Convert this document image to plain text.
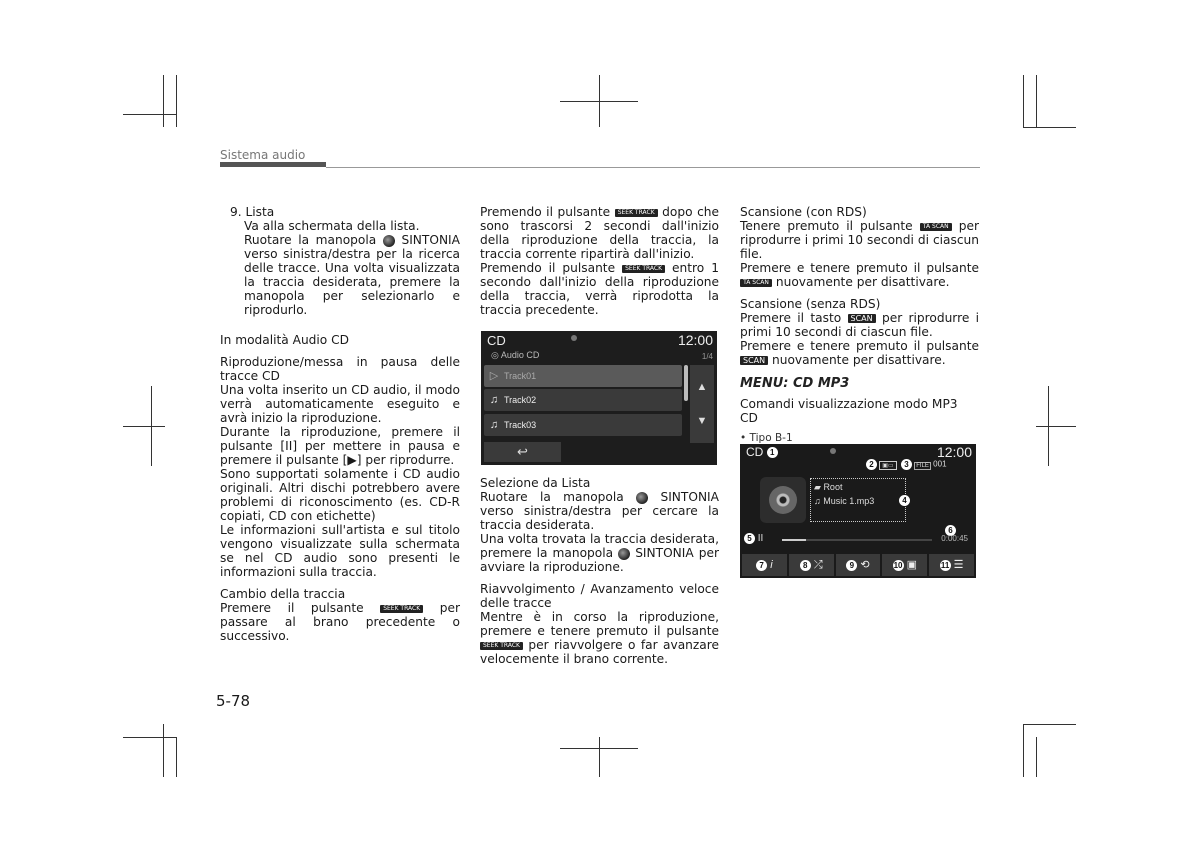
Sistema audio

9. Lista

Va alla schermata della lista.

Ruotare la manopola SINTONIA verso sinistra/destra per la ricerca delle tracce. Una volta visualizzata la traccia desiderata, premere la manopola per selezionarlo e riprodurlo.

In modalità Audio CD

Riproduzione/messa in pausa delle tracce CD

Una volta inserito un CD audio, il modo verrà automaticamente eseguito e avrà inizio la riproduzione.

Durante la riproduzione, premere il pulsante [II] per mettere in pausa e premere il pulsante [▶] per riprodurre.

Sono supportati solamente i CD audio originali. Altri dischi potrebbero avere problemi di riconoscimento (es. CD-R copiati, CD con etichette)

Le informazioni sull'artista e sul titolo vengono visualizzate sulla schermata se nel CD audio sono presenti le informazioni sulla traccia.

Cambio della traccia

Premere il pulsante	SEEK TRACK per passare al brano precedente o successivo.

Premendo il pulsante SEEK TRACK dopo che sono trascorsi 2 secondi dall'inizio della riproduzione della traccia, la traccia corrente ripartirà dall'inizio.

Premendo il pulsante SEEK TRACK entro 1 secondo dall'inizio della riproduzione della traccia, verrà riprodotta la traccia precedente.

CD	12:00
◎ Audio CD	1/4
▷ Track01
♫ Track02
♫ Track03
▲
▼
↩

Selezione da Lista

Ruotare la manopola	SINTONIA verso sinistra/destra per cercare la traccia desiderata.

Una volta trovata la traccia desiderata, premere la manopola SINTONIA per avviare la riproduzione.

Riavvolgimento / Avanzamento veloce delle tracce

Mentre è in corso la riproduzione, premere e tenere premuto il pulsante SEEK TRACK per riavvolgere o far avanzare velocemente il brano corrente.

Scansione (con RDS)

Tenere premuto il pulsante TA SCAN per riprodurre i primi 10 secondi di ciascun file.

Premere e tenere premuto il pulsante TA SCAN nuovamente per disattivare.

Scansione (senza RDS)

Premere il tasto SCAN per riprodurre i primi 10 secondi di ciascun file.

Premere e tenere premuto il pulsante SCAN nuovamente per disattivare.

MENU: CD MP3

Comandi visualizzazione modo MP3 CD

• Tipo B-1
CD 1	12:00
2 ▣▭ 3 FILE 001
▰ Root
♫ Music 1.mp3	4
6
5 II	0:00:45
7 i	8 ⤮	9 ⟲	10 ▣	11 ☰
5-78
